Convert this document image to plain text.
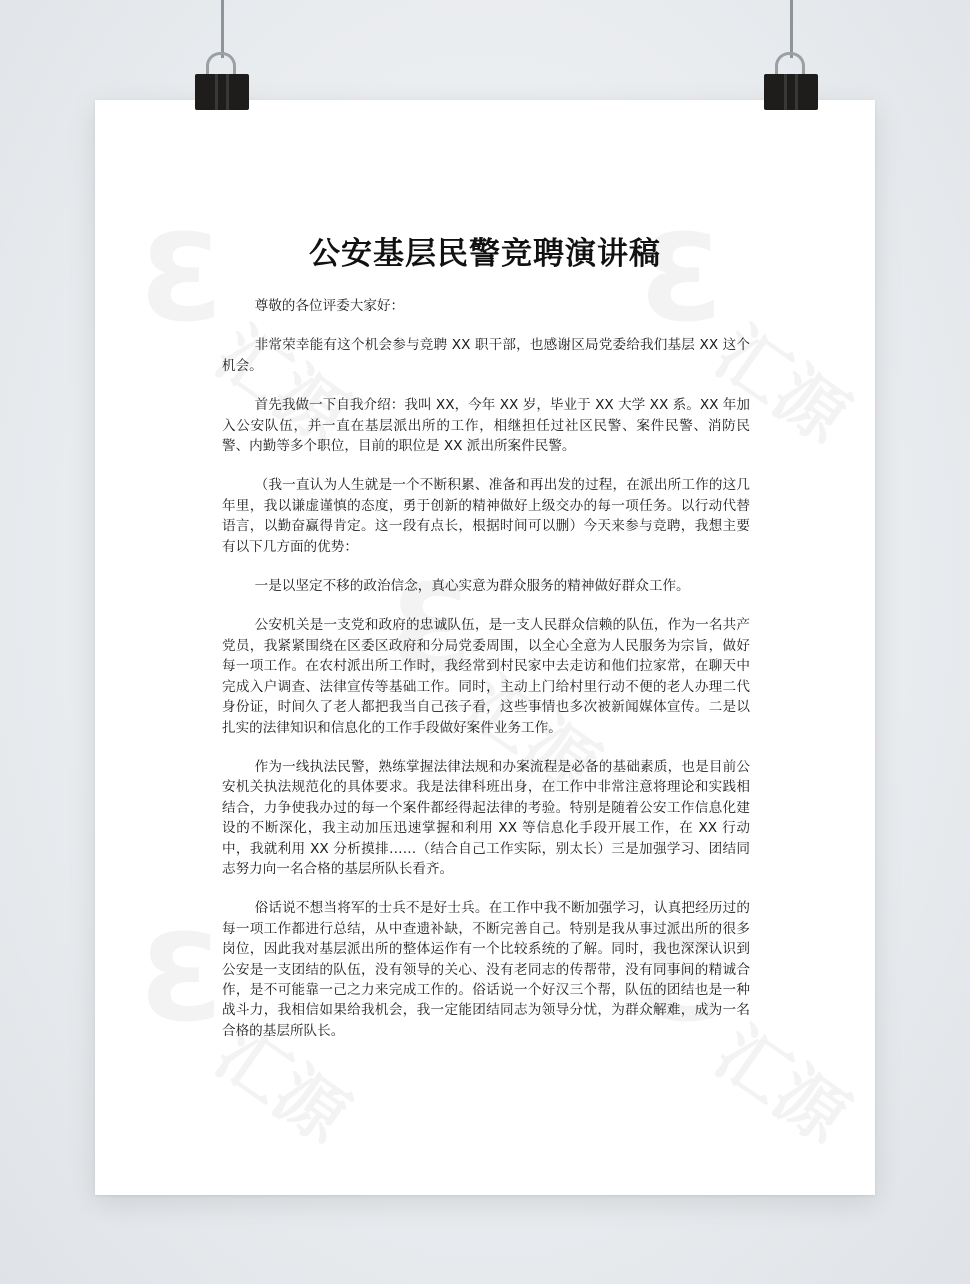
公安基层民警竞聘演讲稿

尊敬的各位评委大家好：

非常荣幸能有这个机会参与竞聘 XX 职干部，也感谢区局党委给我们基层 XX 这个机会。

首先我做一下自我介绍：我叫 XX，今年 XX 岁，毕业于 XX 大学 XX 系。XX 年加入公安队伍，并一直在基层派出所的工作，相继担任过社区民警、案件民警、消防民警、内勤等多个职位，目前的职位是 XX 派出所案件民警。

（我一直认为人生就是一个不断积累、准备和再出发的过程，在派出所工作的这几年里，我以谦虚谨慎的态度，勇于创新的精神做好上级交办的每一项任务。以行动代替语言，以勤奋赢得肯定。这一段有点长，根据时间可以删）今天来参与竞聘，我想主要有以下几方面的优势：

一是以坚定不移的政治信念，真心实意为群众服务的精神做好群众工作。

公安机关是一支党和政府的忠诚队伍，是一支人民群众信赖的队伍，作为一名共产党员，我紧紧围绕在区委区政府和分局党委周围，以全心全意为人民服务为宗旨，做好每一项工作。在农村派出所工作时，我经常到村民家中去走访和他们拉家常，在聊天中完成入户调查、法律宣传等基础工作。同时，主动上门给村里行动不便的老人办理二代身份证，时间久了老人都把我当自己孩子看，这些事情也多次被新闻媒体宣传。二是以扎实的法律知识和信息化的工作手段做好案件业务工作。

作为一线执法民警，熟练掌握法律法规和办案流程是必备的基础素质，也是目前公安机关执法规范化的具体要求。我是法律科班出身，在工作中非常注意将理论和实践相结合，力争使我办过的每一个案件都经得起法律的考验。特别是随着公安工作信息化建设的不断深化，我主动加压迅速掌握和利用 XX 等信息化手段开展工作，在 XX 行动中，我就利用 XX 分析摸排……（结合自己工作实际，别太长）三是加强学习、团结同志努力向一名合格的基层所队长看齐。

俗话说不想当将军的士兵不是好士兵。在工作中我不断加强学习，认真把经历过的每一项工作都进行总结，从中查遗补缺，不断完善自己。特别是我从事过派出所的很多岗位，因此我对基层派出所的整体运作有一个比较系统的了解。同时，我也深深认识到公安是一支团结的队伍，没有领导的关心、没有老同志的传帮带，没有同事间的精诚合作，是不可能靠一己之力来完成工作的。俗话说一个好汉三个帮，队伍的团结也是一种战斗力，我相信如果给我机会，我一定能团结同志为领导分忧，为群众解难，成为一名合格的基层所队长。
